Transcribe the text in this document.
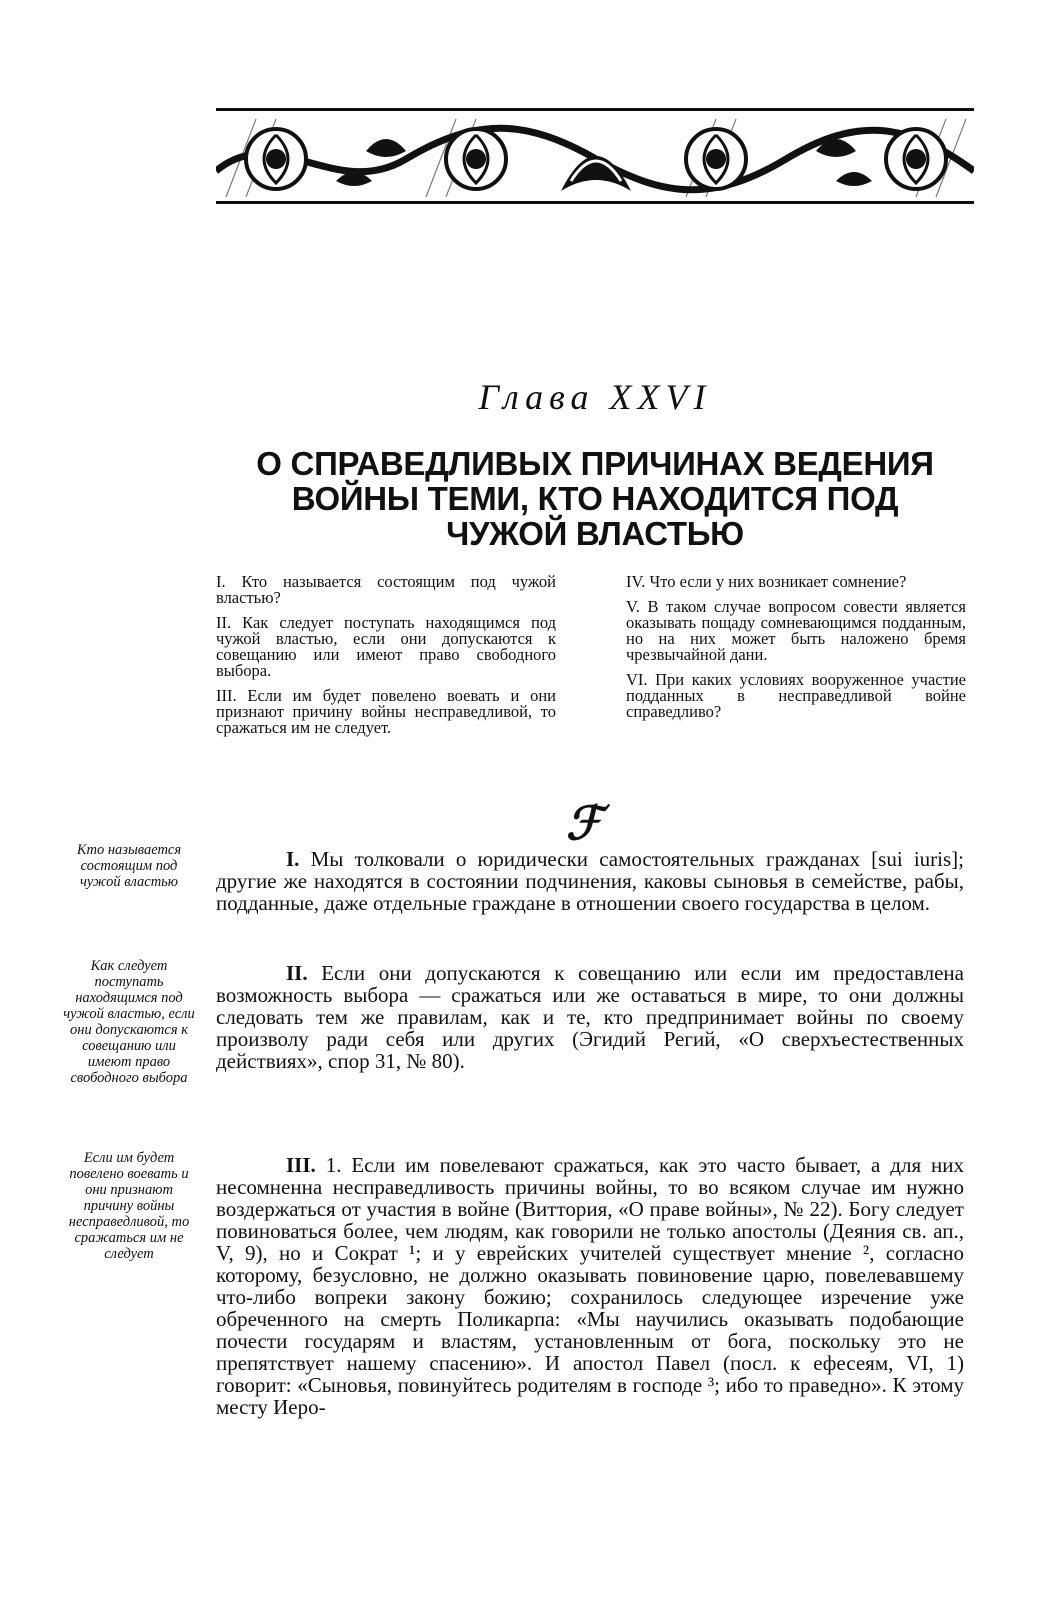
Глава XXVI
О СПРАВЕДЛИВЫХ ПРИЧИНАХ ВЕДЕНИЯ ВОЙНЫ ТЕМИ, КТО НАХОДИТСЯ ПОД ЧУЖОЙ ВЛАСТЬЮ

I. Кто называется состоящим под чужой властью?

II. Как следует поступать находящимся под чужой властью, если они допускаются к совещанию или имеют право свободного выбора.

III. Если им будет повелено воевать и они признают причину войны несправедливой, то сражаться им не следует.

IV. Что если у них возникает сомнение?

V. В таком случае вопросом совести является оказывать пощаду сомневающимся подданным, но на них может быть наложено бремя чрезвычайной дани.

VI. При каких условиях вооруженное участие подданных в несправедливой войне справедливо?

ℱ
Кто называется состоящим под чужой властью
Как следует поступать находящимся под чужой властью, если они допускаются к совещанию или имеют право свободного выбора
Если им будет повелено воевать и они признают причину войны несправедливой, то сражаться им не следует

I. Мы толковали о юридически самостоятельных гражданах [sui iuris]; другие же находятся в состоянии подчинения, каковы сыновья в семействе, рабы, подданные, даже отдельные граждане в отношении своего государства в целом.

II. Если они допускаются к совещанию или если им предоставлена возможность выбора — сражаться или же оставаться в мире, то они должны следовать тем же правилам, как и те, кто предпринимает войны по своему произволу ради себя или других (Эгидий Регий, «О сверхъестественных действиях», спор 31, № 80).

III. 1. Если им повелевают сражаться, как это часто бывает, а для них несомненна несправедливость причины войны, то во всяком случае им нужно воздержаться от участия в войне (Виттория, «О праве войны», № 22). Богу следует повиноваться более, чем людям, как говорили не только апостолы (Деяния св. ап., V, 9), но и Сократ ¹; и у еврейских учителей существует мнение ², согласно которому, безусловно, не должно оказывать повиновение царю, повелевавшему что-либо вопреки закону божию; сохранилось следующее изречение уже обреченного на смерть Поликарпа: «Мы научились оказывать подобающие почести государям и властям, установленным от бога, поскольку это не препятствует нашему спасению». И апостол Павел (посл. к ефесеям, VI, 1) говорит: «Сыновья, повинуйтесь родителям в господе ³; ибо то праведно». К этому месту Иеро-
